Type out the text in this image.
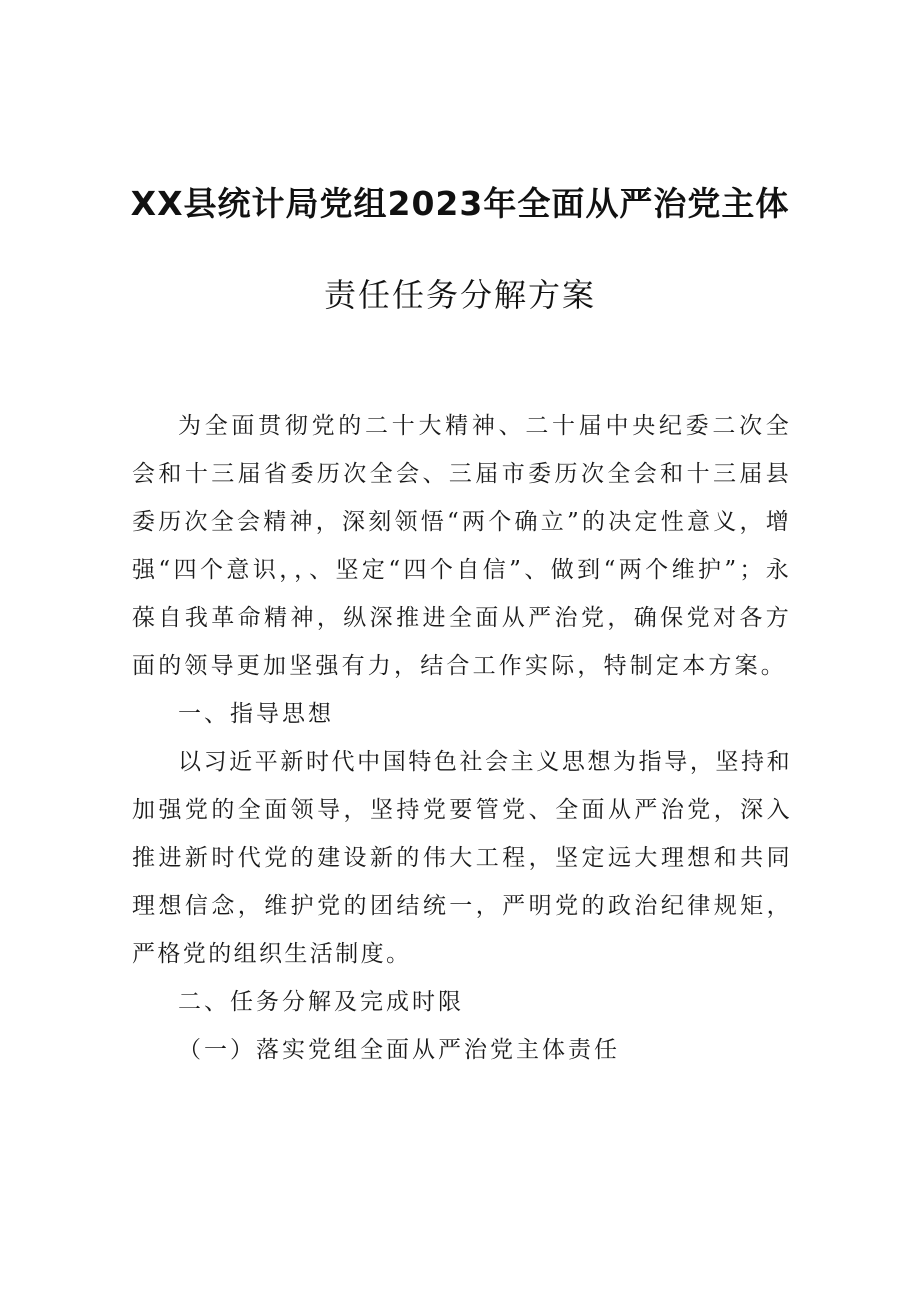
XX县统计局党组2023年全面从严治党主体
责任任务分解方案

为全面贯彻党的二十大精神、二十届中央纪委二次全会和十三届省委历次全会、三届市委历次全会和十三届县委历次全会精神，深刻领悟“两个确立”的决定性意义，增强“四个意识，，、坚定“四个自信”、做到“两个维护”；永葆自我革命精神，纵深推进全面从严治党，确保党对各方面的领导更加坚强有力，结合工作实际，特制定本方案。

一、指导思想

以习近平新时代中国特色社会主义思想为指导，坚持和加强党的全面领导，坚持党要管党、全面从严治党，深入推进新时代党的建设新的伟大工程，坚定远大理想和共同理想信念，维护党的团结统一，严明党的政治纪律规矩，严格党的组织生活制度。

二、任务分解及完成时限

（一）落实党组全面从严治党主体责任
